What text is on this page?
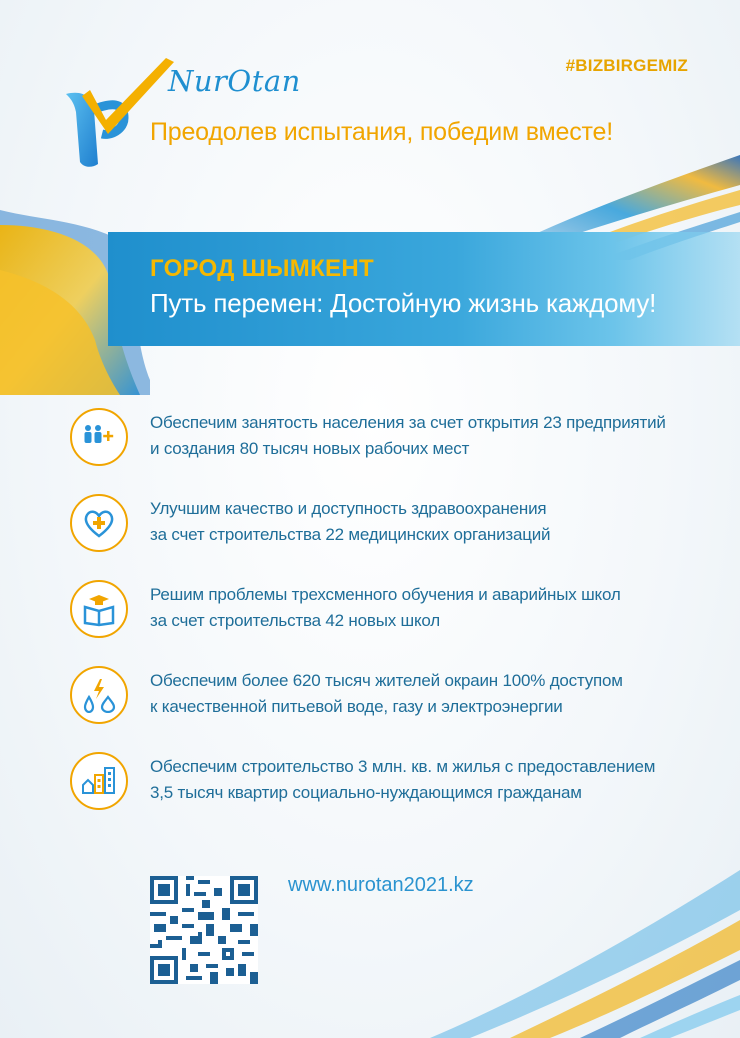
NurOtan	#BIZBIRGEMIZ
Преодолев испытания, победим вместе!
ГОРОД ШЫМКЕНТ
Путь перемен: Достойную жизнь каждому!
Обеспечим занятость населения за счет открытия 23 предприятий
и создания 80 тысяч новых рабочих мест
Улучшим качество и доступность здравоохранения
за счет строительства 22 медицинских организаций
Решим проблемы трехсменного обучения и аварийных школ
за счет строительства 42 новых школ
Обеспечим более 620 тысяч жителей окраин 100% доступом
к качественной питьевой воде, газу и электроэнергии
Обеспечим строительство 3 млн. кв. м жилья с предоставлением
3,5 тысяч квартир социально-нуждающимся гражданам
www.nurotan2021.kz
